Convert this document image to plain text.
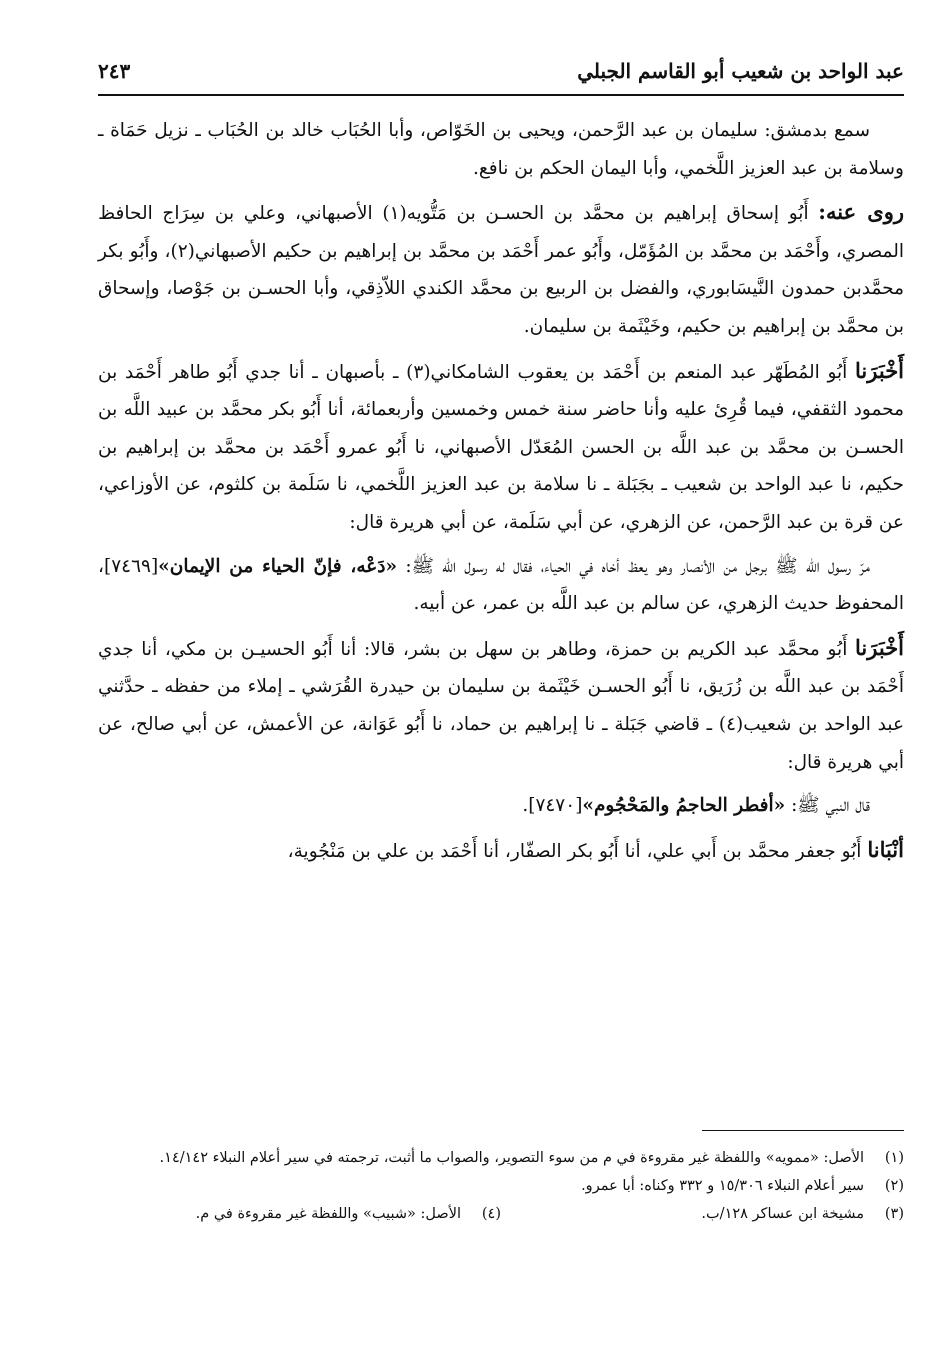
عبد الواحد بن شعيب أبو القاسم الجبلي
٢٤٣

سمع بدمشق: سليمان بن عبد الرَّحمن، ويحيى بن الخَوّاص، وأبا الحُبَاب خالد بن الحُبَاب ـ نزيل حَمَاة ـ وسلامة بن عبد العزيز اللَّخمي، وأبا اليمان الحكم بن نافع.

روى عنه: أَبُو إسحاق إبراهيم بن محمَّد بن الحسـن بن مَتُّويه(١) الأصبهاني، وعلي بن سِرَاج الحافظ المصري، وأَحْمَد بن محمَّد بن المُؤَمّل، وأَبُو عمر أَحْمَد بن محمَّد بن إبراهيم بن حكيم الأصبهاني(٢)، وأَبُو بكر محمَّدبن حمدون النَّيسَابوري، والفضل بن الربيع بن محمَّد الكندي اللاّذِقي، وأبا الحسـن بن جَوْصا، وإسحاق بن محمَّد بن إبراهيم بن حكيم، وخَيْثَمة بن سليمان.

أَخْبَرَنا أَبُو المُطَهّر عبد المنعم بن أَحْمَد بن يعقوب الشامكاني(٣) ـ بأصبهان ـ أنا جدي أَبُو طاهر أَحْمَد بن محمود الثقفي، فيما قُرِئ عليه وأنا حاضر سنة خمس وخمسين وأربعمائة، أنا أَبُو بكر محمَّد بن عبيد اللَّه بن الحسـن بن محمَّد بن عبد اللَّه بن الحسن المُعَدّل الأصبهاني، نا أَبُو عمرو أَحْمَد بن محمَّد بن إبراهيم بن حكيم، نا عبد الواحد بن شعيب ـ بجَبَلة ـ نا سلامة بن عبد العزيز اللَّخمي، نا سَلَمة بن كلثوم، عن الأوزاعي، عن قرة بن عبد الرَّحمن، عن الزهري، عن أبي سَلَمة، عن أبي هريرة قال:

مرّ رسول الله ﷺ برجل من الأنصار وهو يعظ أخاه في الحياء، فقال له رسول الله ﷺ: «دَعْه، فإنّ الحياء من الإيمان»[٧٤٦٩]، المحفوظ حديث الزهري، عن سالم بن عبد اللَّه بن عمر، عن أبيه.

أَخْبَرَنا أَبُو محمَّد عبد الكريم بن حمزة، وطاهر بن سهل بن بشر، قالا: أنا أَبُو الحسيـن بن مكي، أنا جدي أَحْمَد بن عبد اللَّه بن زُرَيق، نا أَبُو الحسـن خَيْثَمة بن سليمان بن حيدرة القُرَشي ـ إملاء من حفظه ـ حدَّثني عبد الواحد بن شعيب(٤) ـ قاضي جَبَلة ـ نا إبراهيم بن حماد، نا أَبُو عَوَانة، عن الأعمش، عن أبي صالح، عن أبي هريرة قال:

قال النبي ﷺ: «أفطر الحاجمُ والمَحْجُوم»[٧٤٧٠].

أنْبَانا أَبُو جعفر محمَّد بن أَبي علي، أنا أَبُو بكر الصفّار، أنا أَحْمَد بن علي بن مَنْجُوية،

(١)
الأصل: «ممويه» واللفظة غير مقروءة في م من سوء التصوير، والصواب ما أثبت، ترجمته في سير أعلام النبلاء ١٤/١٤٢.
(٢)
سير أعلام النبلاء ١٥/٣٠٦ و ٣٣٢ وكناه: أبا عمرو.
(٣)
مشيخة ابن عساكر ١٢٨/ب.
(٤)
الأصل: «شبيب» واللفظة غير مقروءة في م.
